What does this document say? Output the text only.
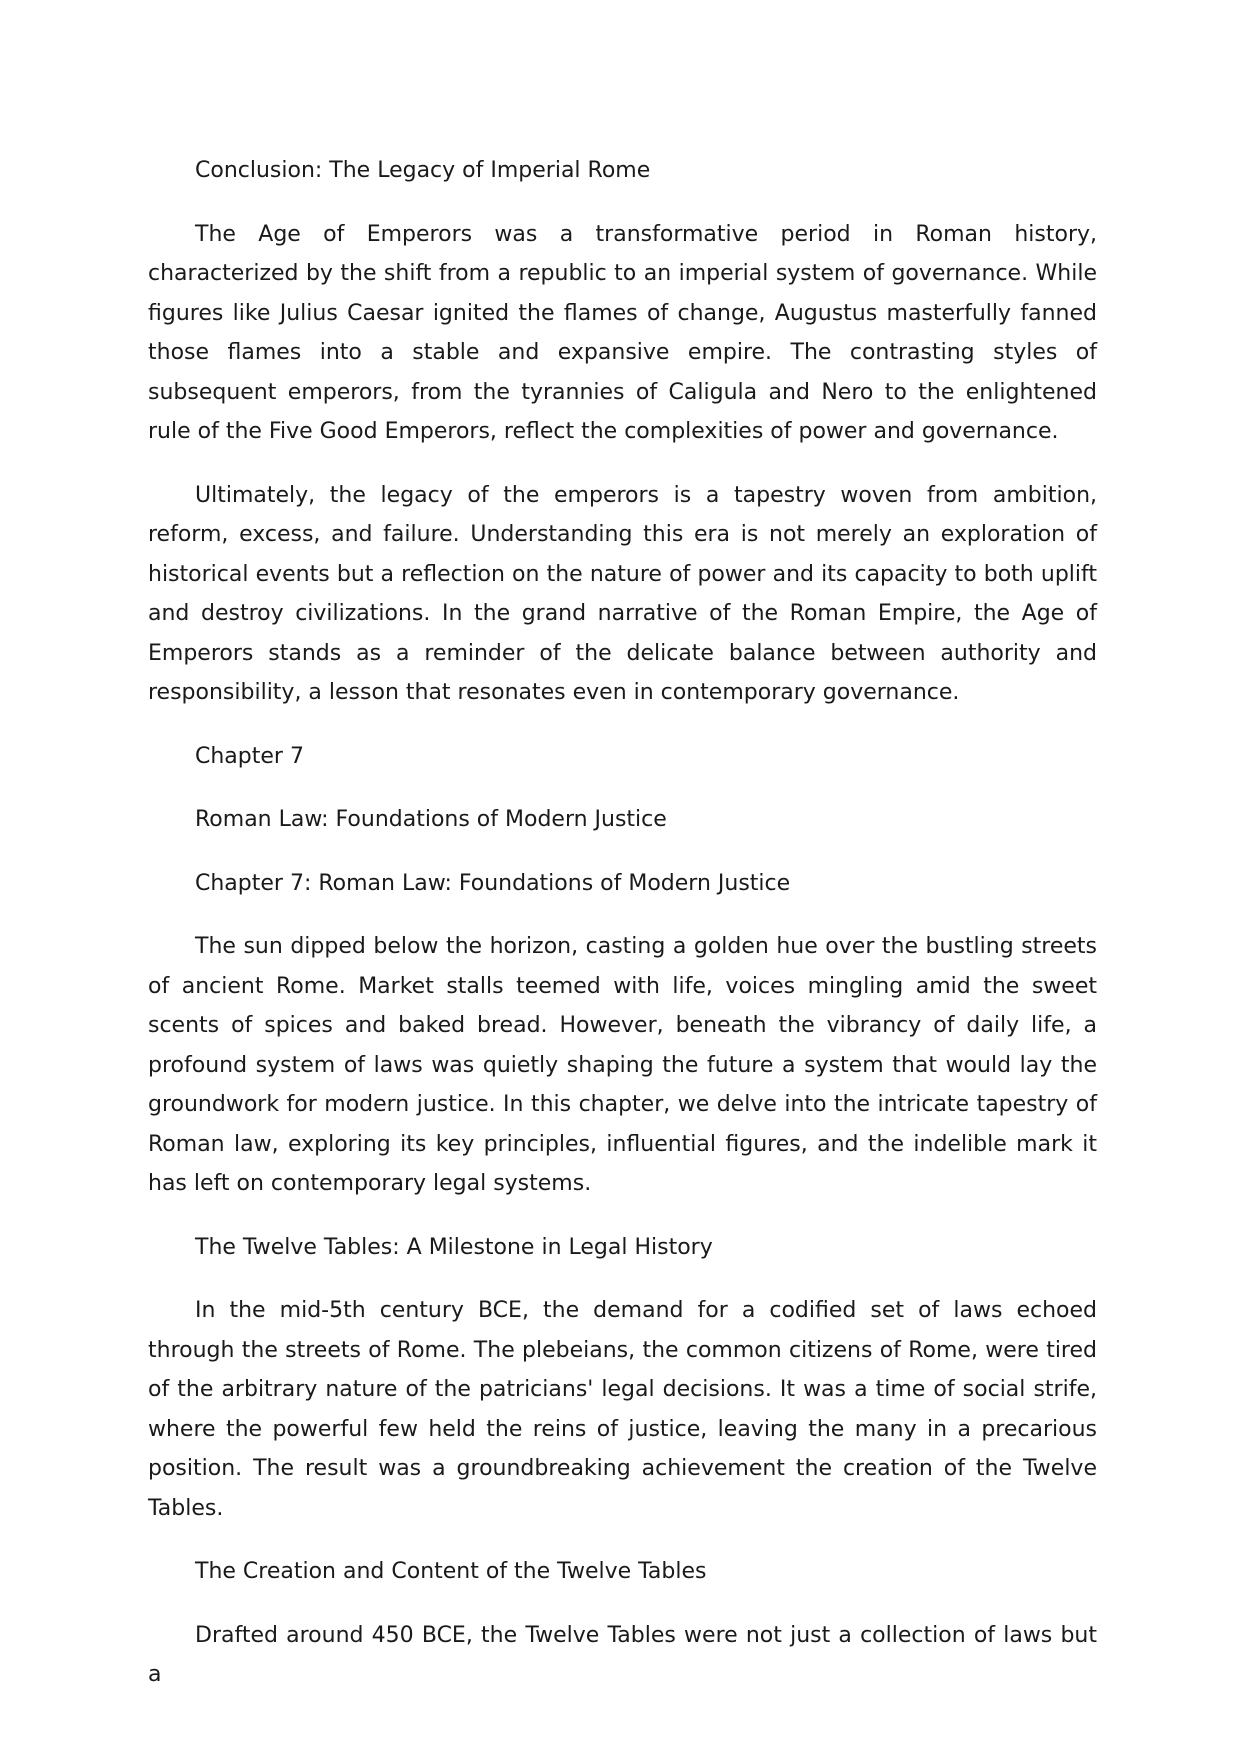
Conclusion: The Legacy of Imperial Rome

The Age of Emperors was a transformative period in Roman history, characterized by the shift from a republic to an imperial system of governance. While figures like Julius Caesar ignited the flames of change, Augustus masterfully fanned those flames into a stable and expansive empire. The contrasting styles of subsequent emperors, from the tyrannies of Caligula and Nero to the enlightened rule of the Five Good Emperors, reflect the complexities of power and governance.

Ultimately, the legacy of the emperors is a tapestry woven from ambition, reform, excess, and failure. Understanding this era is not merely an exploration of historical events but a reflection on the nature of power and its capacity to both uplift and destroy civilizations. In the grand narrative of the Roman Empire, the Age of Emperors stands as a reminder of the delicate balance between authority and responsibility, a lesson that resonates even in contemporary governance.

Chapter 7

Roman Law: Foundations of Modern Justice

Chapter 7: Roman Law: Foundations of Modern Justice

The sun dipped below the horizon, casting a golden hue over the bustling streets of ancient Rome. Market stalls teemed with life, voices mingling amid the sweet scents of spices and baked bread. However, beneath the vibrancy of daily life, a profound system of laws was quietly shaping the future a system that would lay the groundwork for modern justice. In this chapter, we delve into the intricate tapestry of Roman law, exploring its key principles, influential figures, and the indelible mark it has left on contemporary legal systems.

The Twelve Tables: A Milestone in Legal History

In the mid-5th century BCE, the demand for a codified set of laws echoed through the streets of Rome. The plebeians, the common citizens of Rome, were tired of the arbitrary nature of the patricians' legal decisions. It was a time of social strife, where the powerful few held the reins of justice, leaving the many in a precarious position. The result was a groundbreaking achievement the creation of the Twelve Tables.

The Creation and Content of the Twelve Tables

Drafted around 450 BCE, the Twelve Tables were not just a collection of laws but a
